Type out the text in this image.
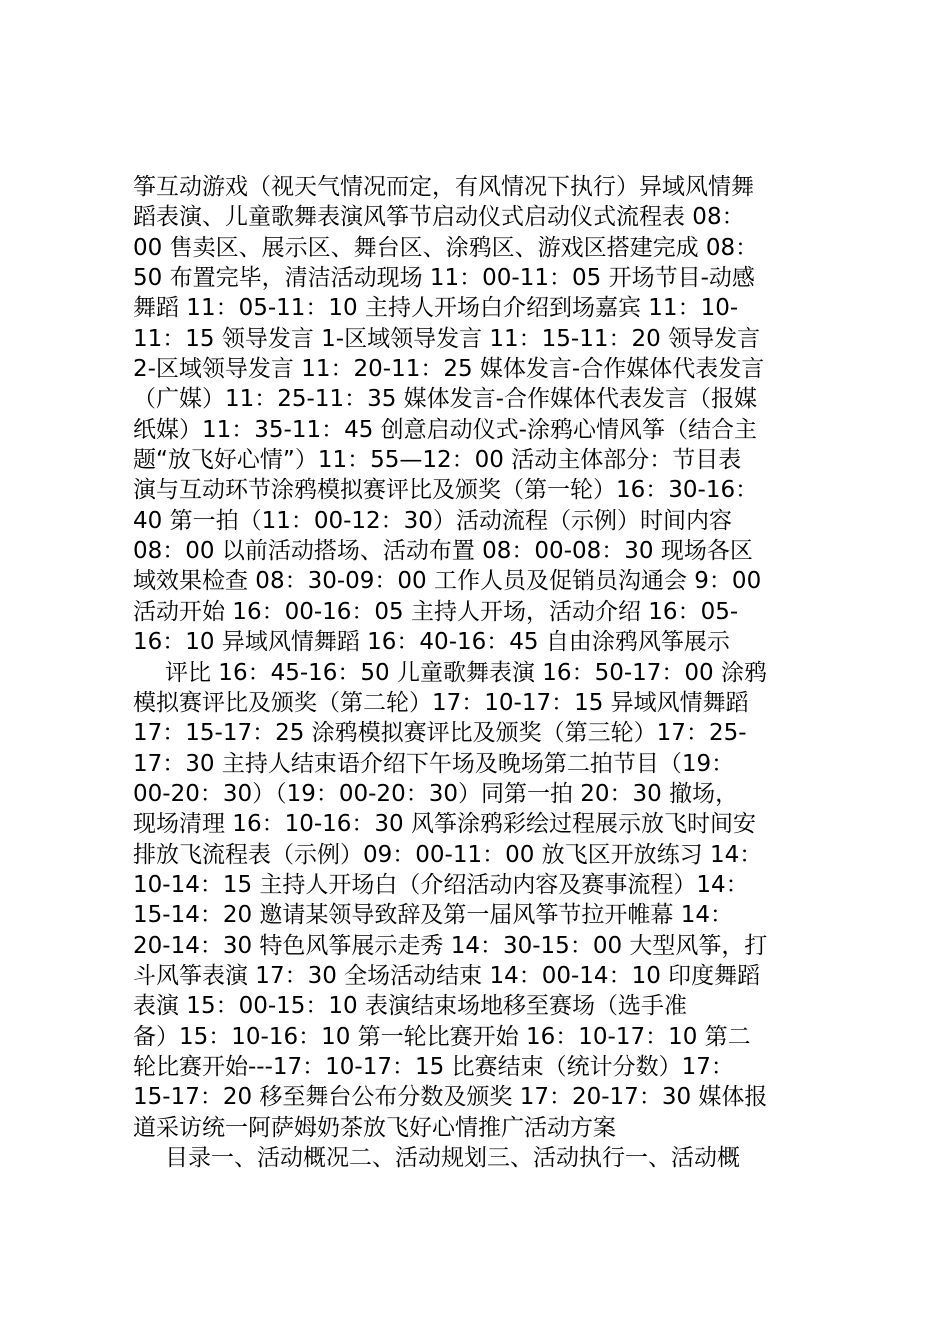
筝互动游戏（视天气情况而定，有风情况下执行）异域风情舞
蹈表演、儿童歌舞表演风筝节启动仪式启动仪式流程表 08：
00 售卖区、展示区、舞台区、涂鸦区、游戏区搭建完成 08：
50 布置完毕，清洁活动现场 11：00-11：05 开场节目-动感
舞蹈 11：05-11：10 主持人开场白介绍到场嘉宾 11：10-
11：15 领导发言 1-区域领导发言 11：15-11：20 领导发言
2-区域领导发言 11：20-11：25 媒体发言-合作媒体代表发言
（广媒）11：25-11：35 媒体发言-合作媒体代表发言（报媒
纸媒）11：35-11：45 创意启动仪式-涂鸦心情风筝（结合主
题“放飞好心情”）11：55—12：00 活动主体部分：节目表
演与互动环节涂鸦模拟赛评比及颁奖（第一轮）16：30-16：
40 第一拍（11：00-12：30）活动流程（示例）时间内容
08：00 以前活动搭场、活动布置 08：00-08：30 现场各区
域效果检查 08：30-09：00 工作人员及促销员沟通会 9：00
活动开始 16：00-16：05 主持人开场，活动介绍 16：05-
16：10 异域风情舞蹈 16：40-16：45 自由涂鸦风筝展示
评比 16：45-16：50 儿童歌舞表演 16：50-17：00 涂鸦
模拟赛评比及颁奖（第二轮）17：10-17：15 异域风情舞蹈
17：15-17：25 涂鸦模拟赛评比及颁奖（第三轮）17：25-
17：30 主持人结束语介绍下午场及晚场第二拍节目（19：
00-20：30）（19：00-20：30）同第一拍 20：30 撤场，
现场清理 16：10-16：30 风筝涂鸦彩绘过程展示放飞时间安
排放飞流程表（示例）09：00-11：00 放飞区开放练习 14：
10-14：15 主持人开场白（介绍活动内容及赛事流程）14：
15-14：20 邀请某领导致辞及第一届风筝节拉开帷幕 14：
20-14：30 特色风筝展示走秀 14：30-15：00 大型风筝，打
斗风筝表演 17：30 全场活动结束 14：00-14：10 印度舞蹈
表演 15：00-15：10 表演结束场地移至赛场（选手准
备）15：10-16：10 第一轮比赛开始 16：10-17：10 第二
轮比赛开始---17：10-17：15 比赛结束（统计分数）17：
15-17：20 移至舞台公布分数及颁奖 17：20-17：30 媒体报
道采访统一阿萨姆奶茶放飞好心情推广活动方案
目录一、活动概况二、活动规划三、活动执行一、活动概
